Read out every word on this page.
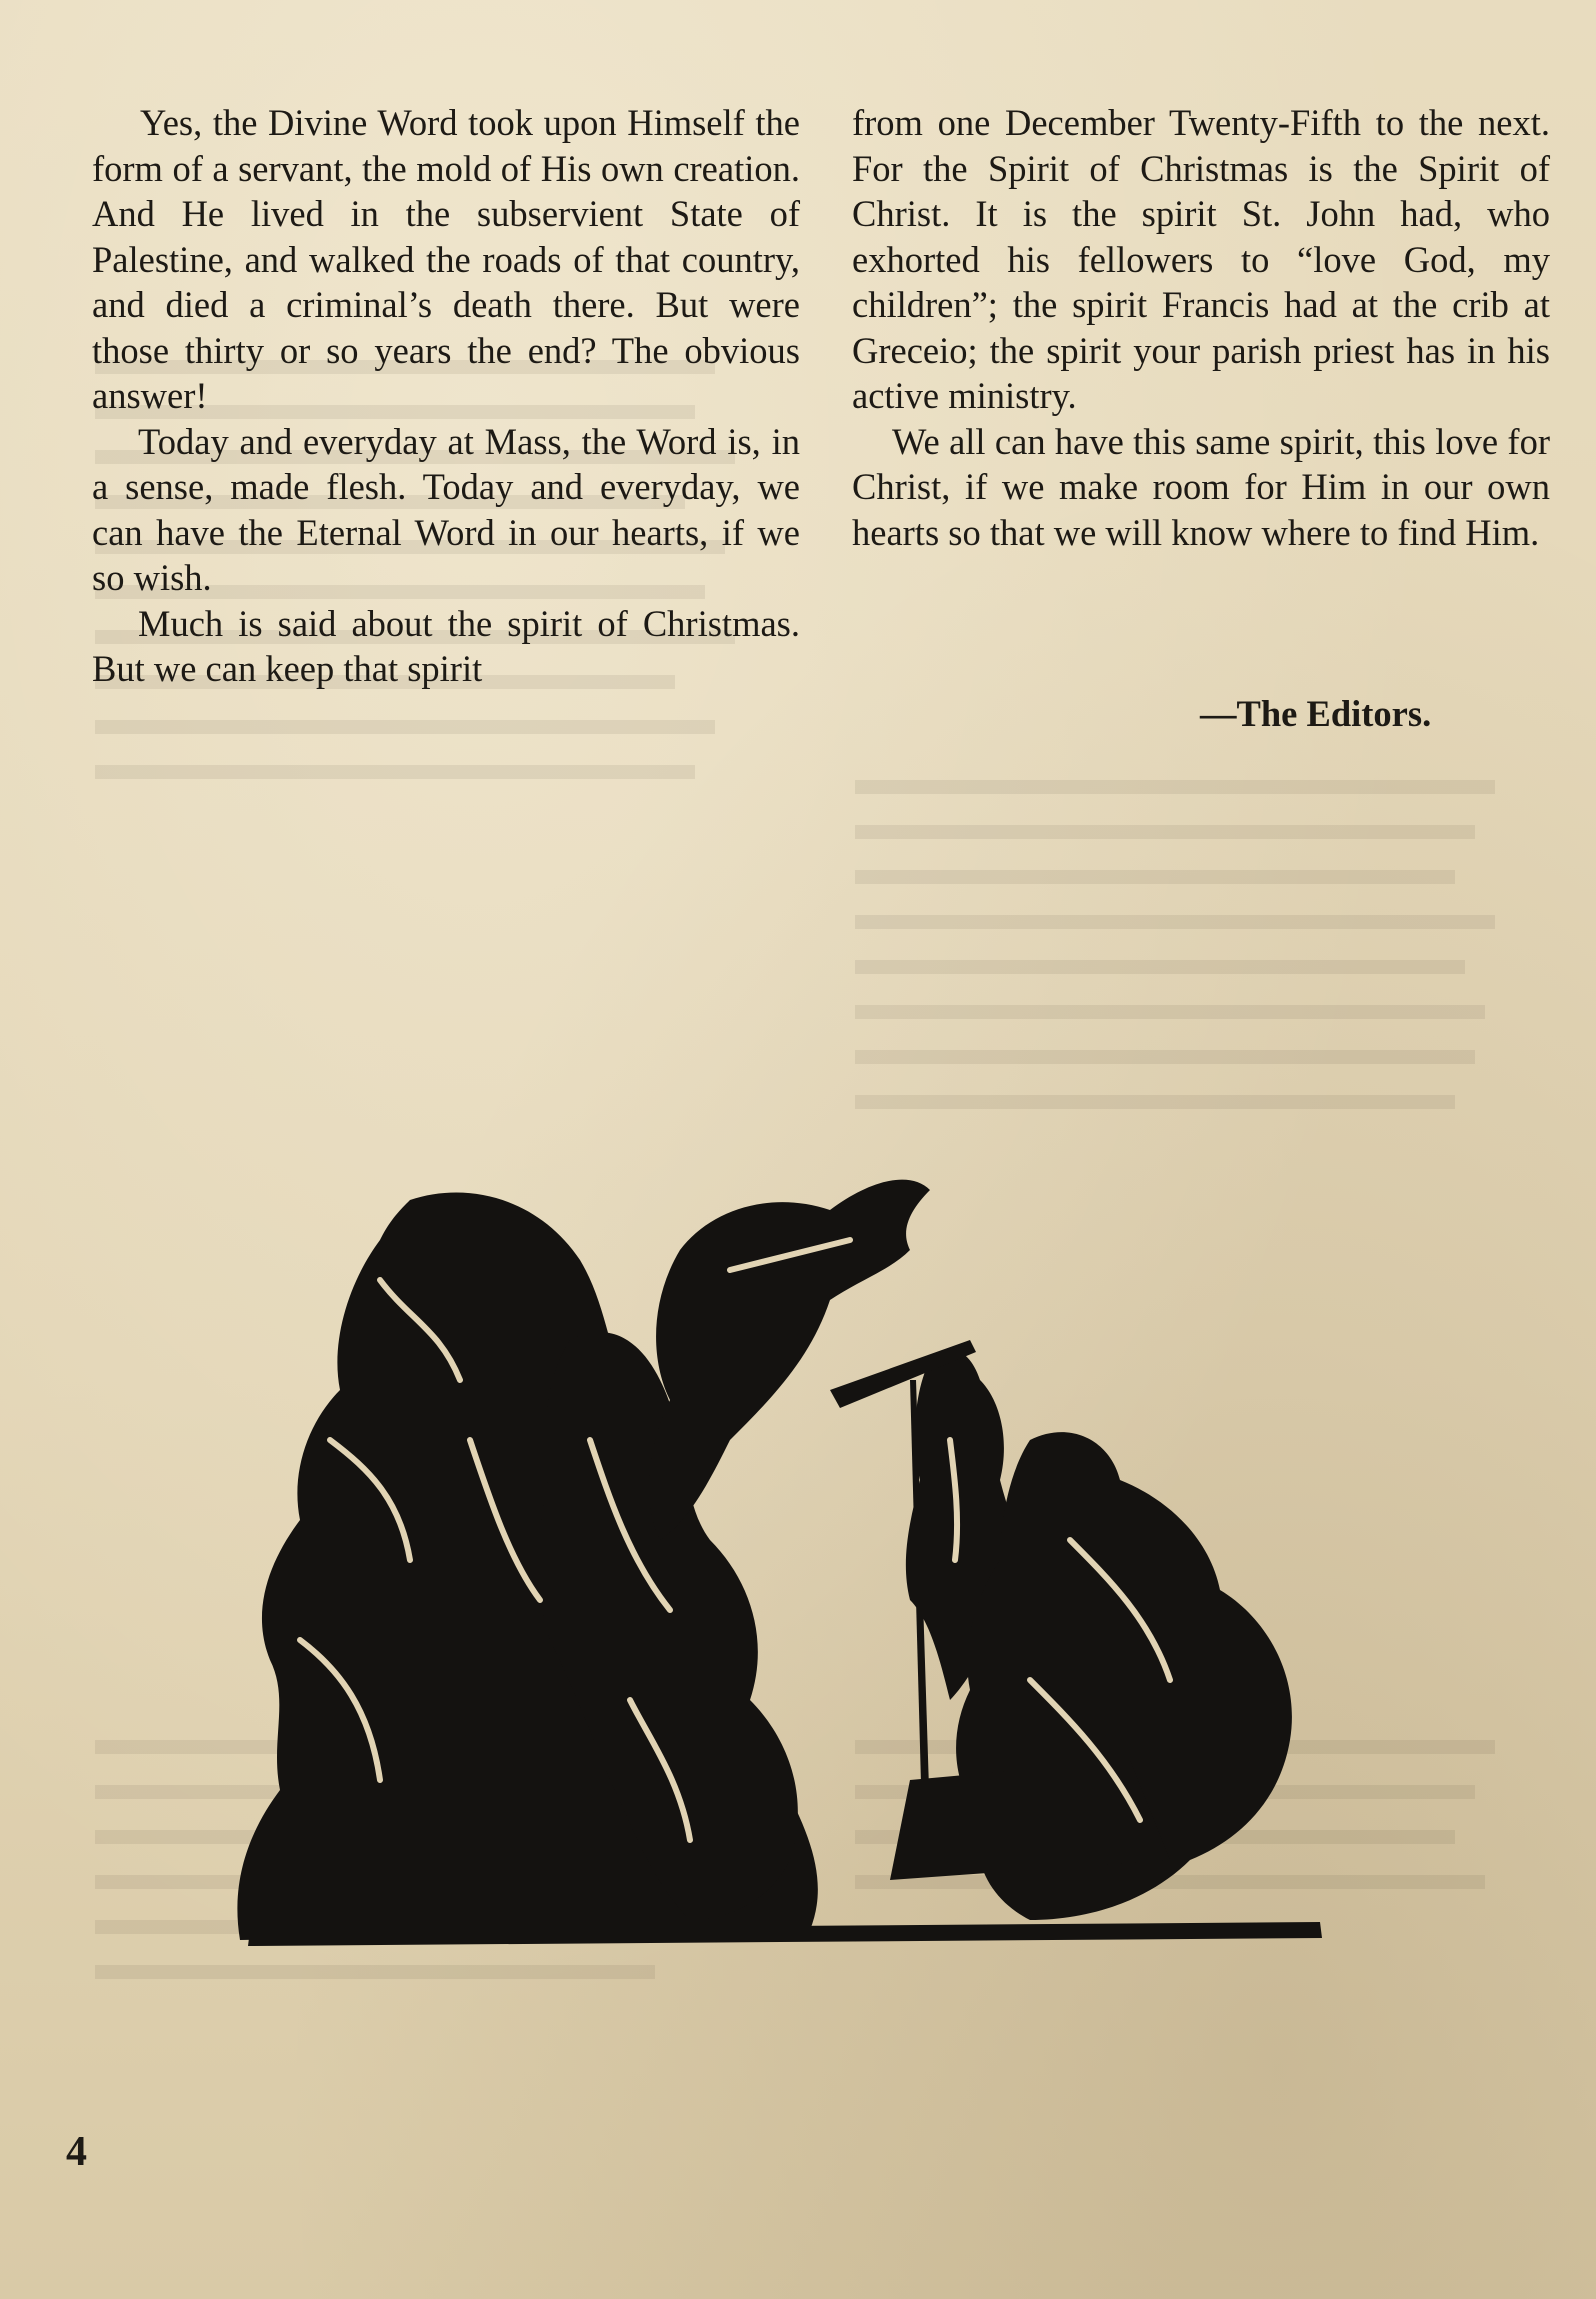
Yes, the Divine Word took upon Himself the form of a servant, the mold of His own creation. And He lived in the subservient State of Palestine, and walked the roads of that country, and died a criminal’s death there. But were those thirty or so years the end? The obvious answer!

Today and everyday at Mass, the Word is, in a sense, made flesh. Today and everyday, we can have the Eternal Word in our hearts, if we so wish.

Much is said about the spirit of Christmas. But we can keep that spirit

from one December Twenty-Fifth to the next. For the Spirit of Christmas is the Spirit of Christ. It is the spirit St. John had, who exhorted his fellowers to “love God, my children”; the spirit Francis had at the crib at Greceio; the spirit your parish priest has in his active ministry.

We all can have this same spirit, this love for Christ, if we make room for Him in our own hearts so that we will know where to find Him.

—The Editors.
4
